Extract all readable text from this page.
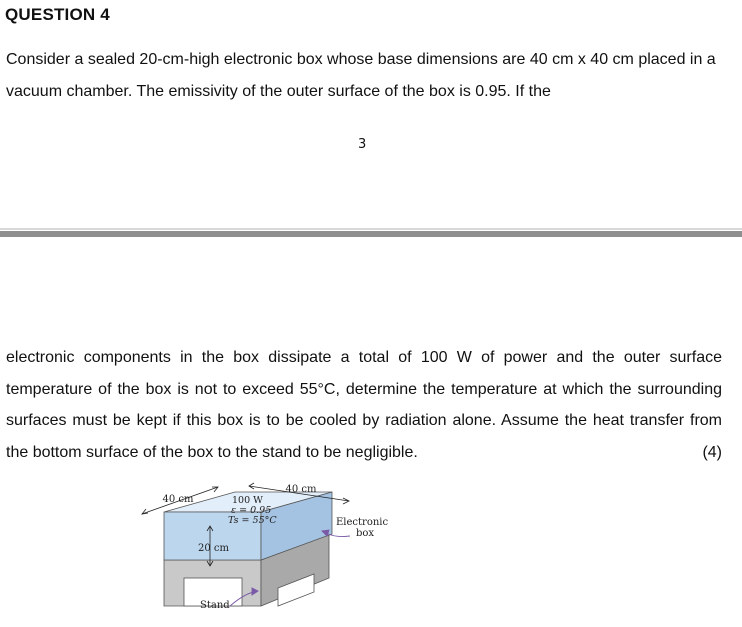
QUESTION 4
Consider a sealed 20-cm-high electronic box whose base dimensions are 40 cm x 40 cm placed in a vacuum chamber. The emissivity of the outer surface of the box is 0.95. If the
3
electronic components in the box dissipate a total of 100 W of power and the outer surface temperature of the box is not to exceed 55°C, determine the temperature at which the surrounding surfaces must be kept if this box is to be cooled by radiation alone. Assume the heat transfer from the bottom surface of the box to the stand to be negligible.	(4)
40 cm
40 cm
100 W
ε = 0.95
Ts = 55°C
20 cm
Electronic
box
Stand
